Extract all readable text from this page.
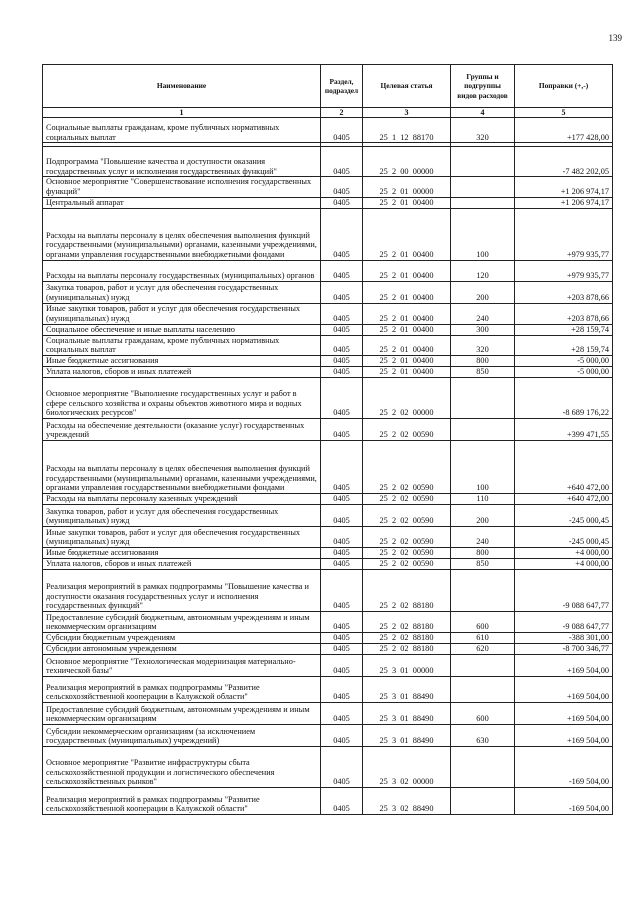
139
Наименование	Раздел, подраздел	Целевая статья	Группы и подгруппы видов расходов	Поправки (+,-)
1	2	3	4	5
Социальные выплаты гражданам, кроме публичных нормативных социальных выплат	0405	25  1  12  88170	320	+177 428,00

Подпрограмма "Повышение качества и доступности оказания государственных услуг и исполнения государственных функций"	0405	25  2  00  00000		-7 482 202,05
Основное мероприятие "Совершенствование исполнения государственных функций"	0405	25  2  01  00000		+1 206 974,17
Центральный аппарат	0405	25  2  01  00400		+1 206 974,17
Расходы на выплаты персоналу в целях обеспечения выполнения функций государственными (муниципальными) органами, казенными учреждениями, органами управления государственными внебюджетными фондами	0405	25  2  01  00400	100	+979 935,77
Расходы на выплаты персоналу государственных (муниципальных) органов	0405	25  2  01  00400	120	+979 935,77
Закупка товаров, работ и услуг для обеспечения государственных (муниципальных) нужд	0405	25  2  01  00400	200	+203 878,66
Иные закупки товаров, работ и услуг для обеспечения государственных (муниципальных) нужд	0405	25  2  01  00400	240	+203 878,66
Социальное обеспечение и иные выплаты населению	0405	25  2  01  00400	300	+28 159,74
Социальные выплаты гражданам, кроме публичных нормативных социальных выплат	0405	25  2  01  00400	320	+28 159,74
Иные бюджетные ассигнования	0405	25  2  01  00400	800	-5 000,00
Уплата налогов, сборов и иных платежей	0405	25  2  01  00400	850	-5 000,00
Основное мероприятие "Выполнение государственных услуг и работ в сфере сельского хозяйства и охраны объектов животного мира и водных биологических ресурсов"	0405	25  2  02  00000		-8 689 176,22
Расходы на обеспечение деятельности (оказание услуг) государственных учреждений	0405	25  2  02  00590		+399 471,55
Расходы на выплаты персоналу в целях обеспечения выполнения функций государственными (муниципальными) органами, казенными учреждениями, органами управления государственными внебюджетными фондами	0405	25  2  02  00590	100	+640 472,00
Расходы на выплаты персоналу казенных учреждений	0405	25  2  02  00590	110	+640 472,00
Закупка товаров, работ и услуг для обеспечения государственных (муниципальных) нужд	0405	25  2  02  00590	200	-245 000,45
Иные закупки товаров, работ и услуг для обеспечения государственных (муниципальных) нужд	0405	25  2  02  00590	240	-245 000,45
Иные бюджетные ассигнования	0405	25  2  02  00590	800	+4 000,00
Уплата налогов, сборов и иных платежей	0405	25  2  02  00590	850	+4 000,00
Реализация мероприятий в рамках подпрограммы "Повышение качества и доступности оказания государственных услуг и исполнения государственных функций"	0405	25  2  02  88180		-9 088 647,77
Предоставление субсидий бюджетным, автономным учреждениям и иным некоммерческим организациям	0405	25  2  02  88180	600	-9 088 647,77
Субсидии бюджетным учреждениям	0405	25  2  02  88180	610	-388 301,00
Субсидии автономным учреждениям	0405	25  2  02  88180	620	-8 700 346,77
Основное мероприятие "Технологическая модернизация материально-технической базы"	0405	25  3  01  00000		+169 504,00
Реализация мероприятий в рамках подпрограммы "Развитие сельскохозяйственной кооперации в Калужской области"	0405	25  3  01  88490		+169 504,00
Предоставление субсидий бюджетным, автономным учреждениям и иным некоммерческим организациям	0405	25  3  01  88490	600	+169 504,00
Субсидии некоммерческим организациям (за исключением государственных (муниципальных) учреждений)	0405	25  3  01  88490	630	+169 504,00
Основное мероприятие "Развитие инфраструктуры сбыта сельскохозяйственной продукции и логистического обеспечения сельскохозяйственных рынков"	0405	25  3  02  00000		-169 504,00
Реализация мероприятий в рамках подпрограммы "Развитие сельскохозяйственной кооперации в Калужской области"	0405	25  3  02  88490		-169 504,00
